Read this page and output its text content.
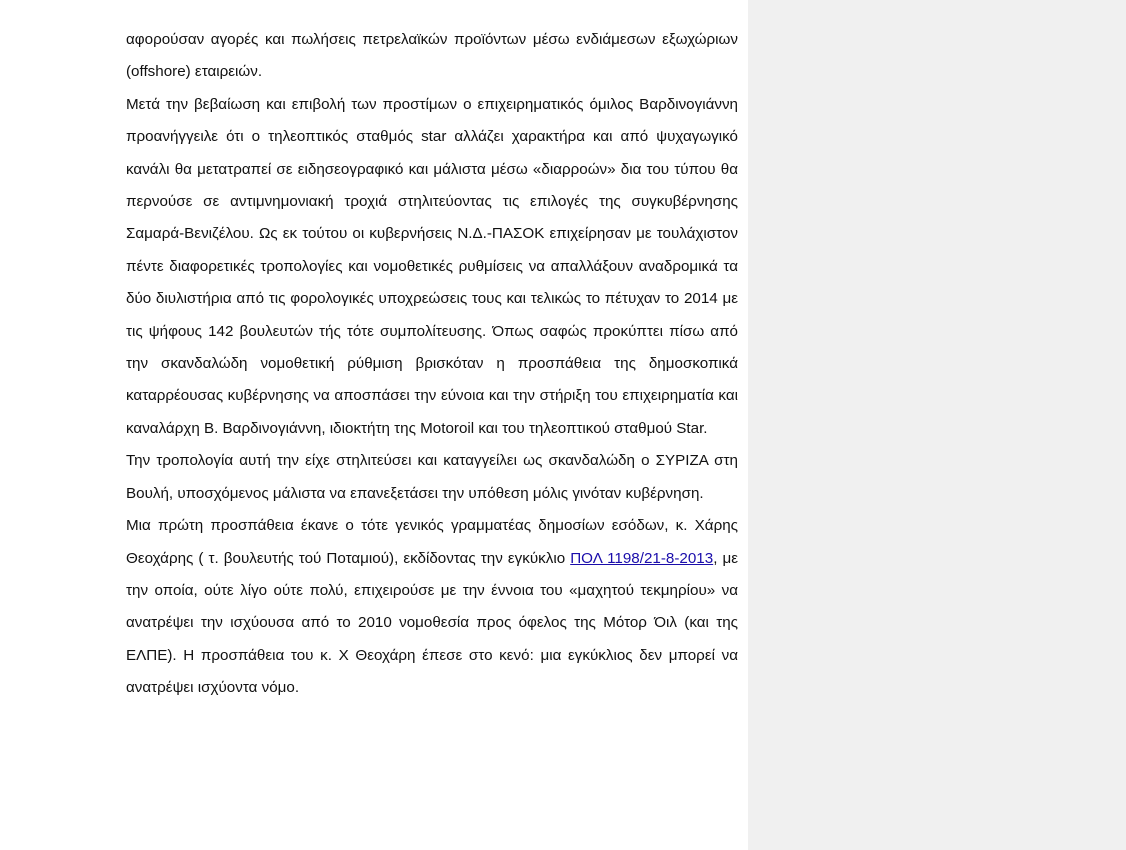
αφορούσαν αγορές και πωλήσεις πετρελαϊκών προϊόντων μέσω ενδιάμεσων εξωχώριων (offshore) εταιρειών.

Μετά την βεβαίωση και επιβολή των προστίμων ο επιχειρηματικός όμιλος Βαρδινογιάννη προανήγγειλε ότι ο τηλεοπτικός σταθμός star αλλάζει χαρακτήρα και από ψυχαγωγικό κανάλι θα μετατραπεί σε ειδησεογραφικό και μάλιστα μέσω «διαρροών» δια του τύπου θα περνούσε σε αντιμνημονιακή τροχιά στηλιτεύοντας τις επιλογές της συγκυβέρνησης Σαμαρά-Βενιζέλου. Ως εκ τούτου οι κυβερνήσεις Ν.Δ.-ΠΑΣΟΚ επιχείρησαν με τουλάχιστον πέντε διαφορετικές τροπολογίες και νομοθετικές ρυθμίσεις να απαλλάξουν αναδρομικά τα δύο διυλιστήρια από τις φορολογικές υποχρεώσεις τους και τελικώς το πέτυχαν το 2014 με τις ψήφους 142 βουλευτών τής τότε συμπολίτευσης. Όπως σαφώς προκύπτει πίσω από την σκανδαλώδη νομοθετική ρύθμιση βρισκόταν η προσπάθεια της δημοσκοπικά καταρρέουσας κυβέρνησης να αποσπάσει την εύνοια και την στήριξη του επιχειρηματία και καναλάρχη Β. Βαρδινογιάννη, ιδιοκτήτη της Motoroil και του τηλεοπτικού σταθμού Star.

Την τροπολογία αυτή την είχε στηλιτεύσει και καταγγείλει ως σκανδαλώδη ο ΣΥΡΙΖΑ στη Βουλή, υποσχόμενος μάλιστα να επανεξετάσει την υπόθεση μόλις γινόταν κυβέρνηση.

Μια πρώτη προσπάθεια έκανε ο τότε γενικός γραμματέας δημοσίων εσόδων, κ. Χάρης Θεοχάρης ( τ. βουλευτής τού Ποταμιού), εκδίδοντας την εγκύκλιο ΠΟΛ 1198/21-8-2013, με την οποία, ούτε λίγο ούτε πολύ, επιχειρούσε με την έννοια του «μαχητού τεκμηρίου» να ανατρέψει την ισχύουσα από το 2010 νομοθεσία προς όφελος της Μότορ Όιλ (και της ΕΛΠΕ). Η προσπάθεια του κ. Χ Θεοχάρη έπεσε στο κενό: μια εγκύκλιος δεν μπορεί να ανατρέψει ισχύοντα νόμο.
